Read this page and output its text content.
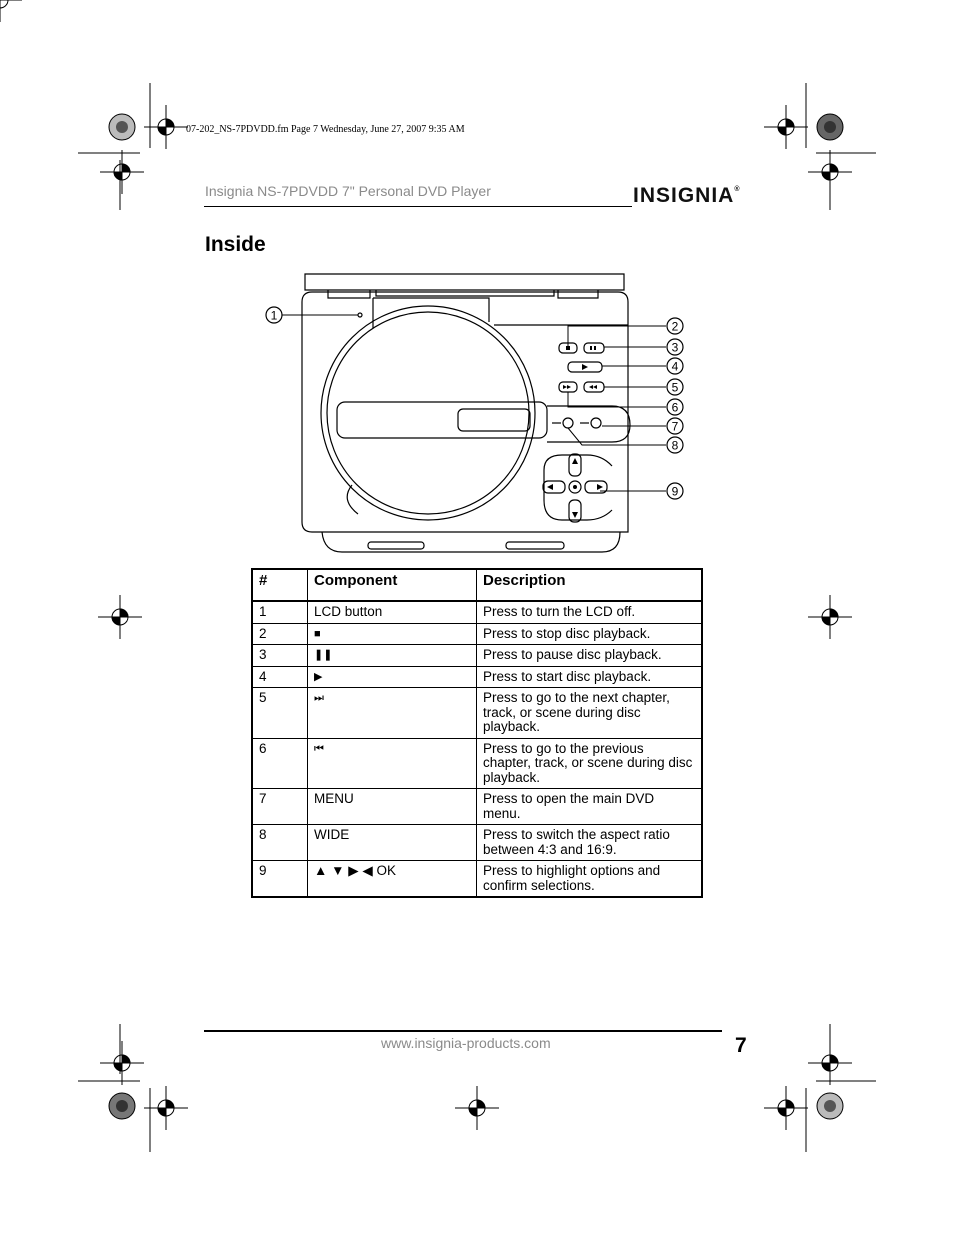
07-202_NS-7PDVDD.fm Page 7 Wednesday, June 27, 2007 9:35 AM
Insignia NS-7PDVDD 7" Personal DVD Player	INSIGNIA®
Inside
1
2
3
4
5
6
7
8
9
#	Component	Description
1	LCD button	Press to turn the LCD off.
2	■	Press to stop disc playback.
3	❚❚	Press to pause disc playback.
4	▶	Press to start disc playback.
5	⏭	Press to go to the next chapter, track, or scene during disc playback.
6	⏮	Press to go to the previous chapter, track, or scene during disc playback.
7	MENU	Press to open the main DVD menu.
8	WIDE	Press to switch the aspect ratio between 4:3 and 16:9.
9	▲ ▼ ▶ ◀ OK	Press to highlight options and confirm selections.
www.insignia-products.com	7
